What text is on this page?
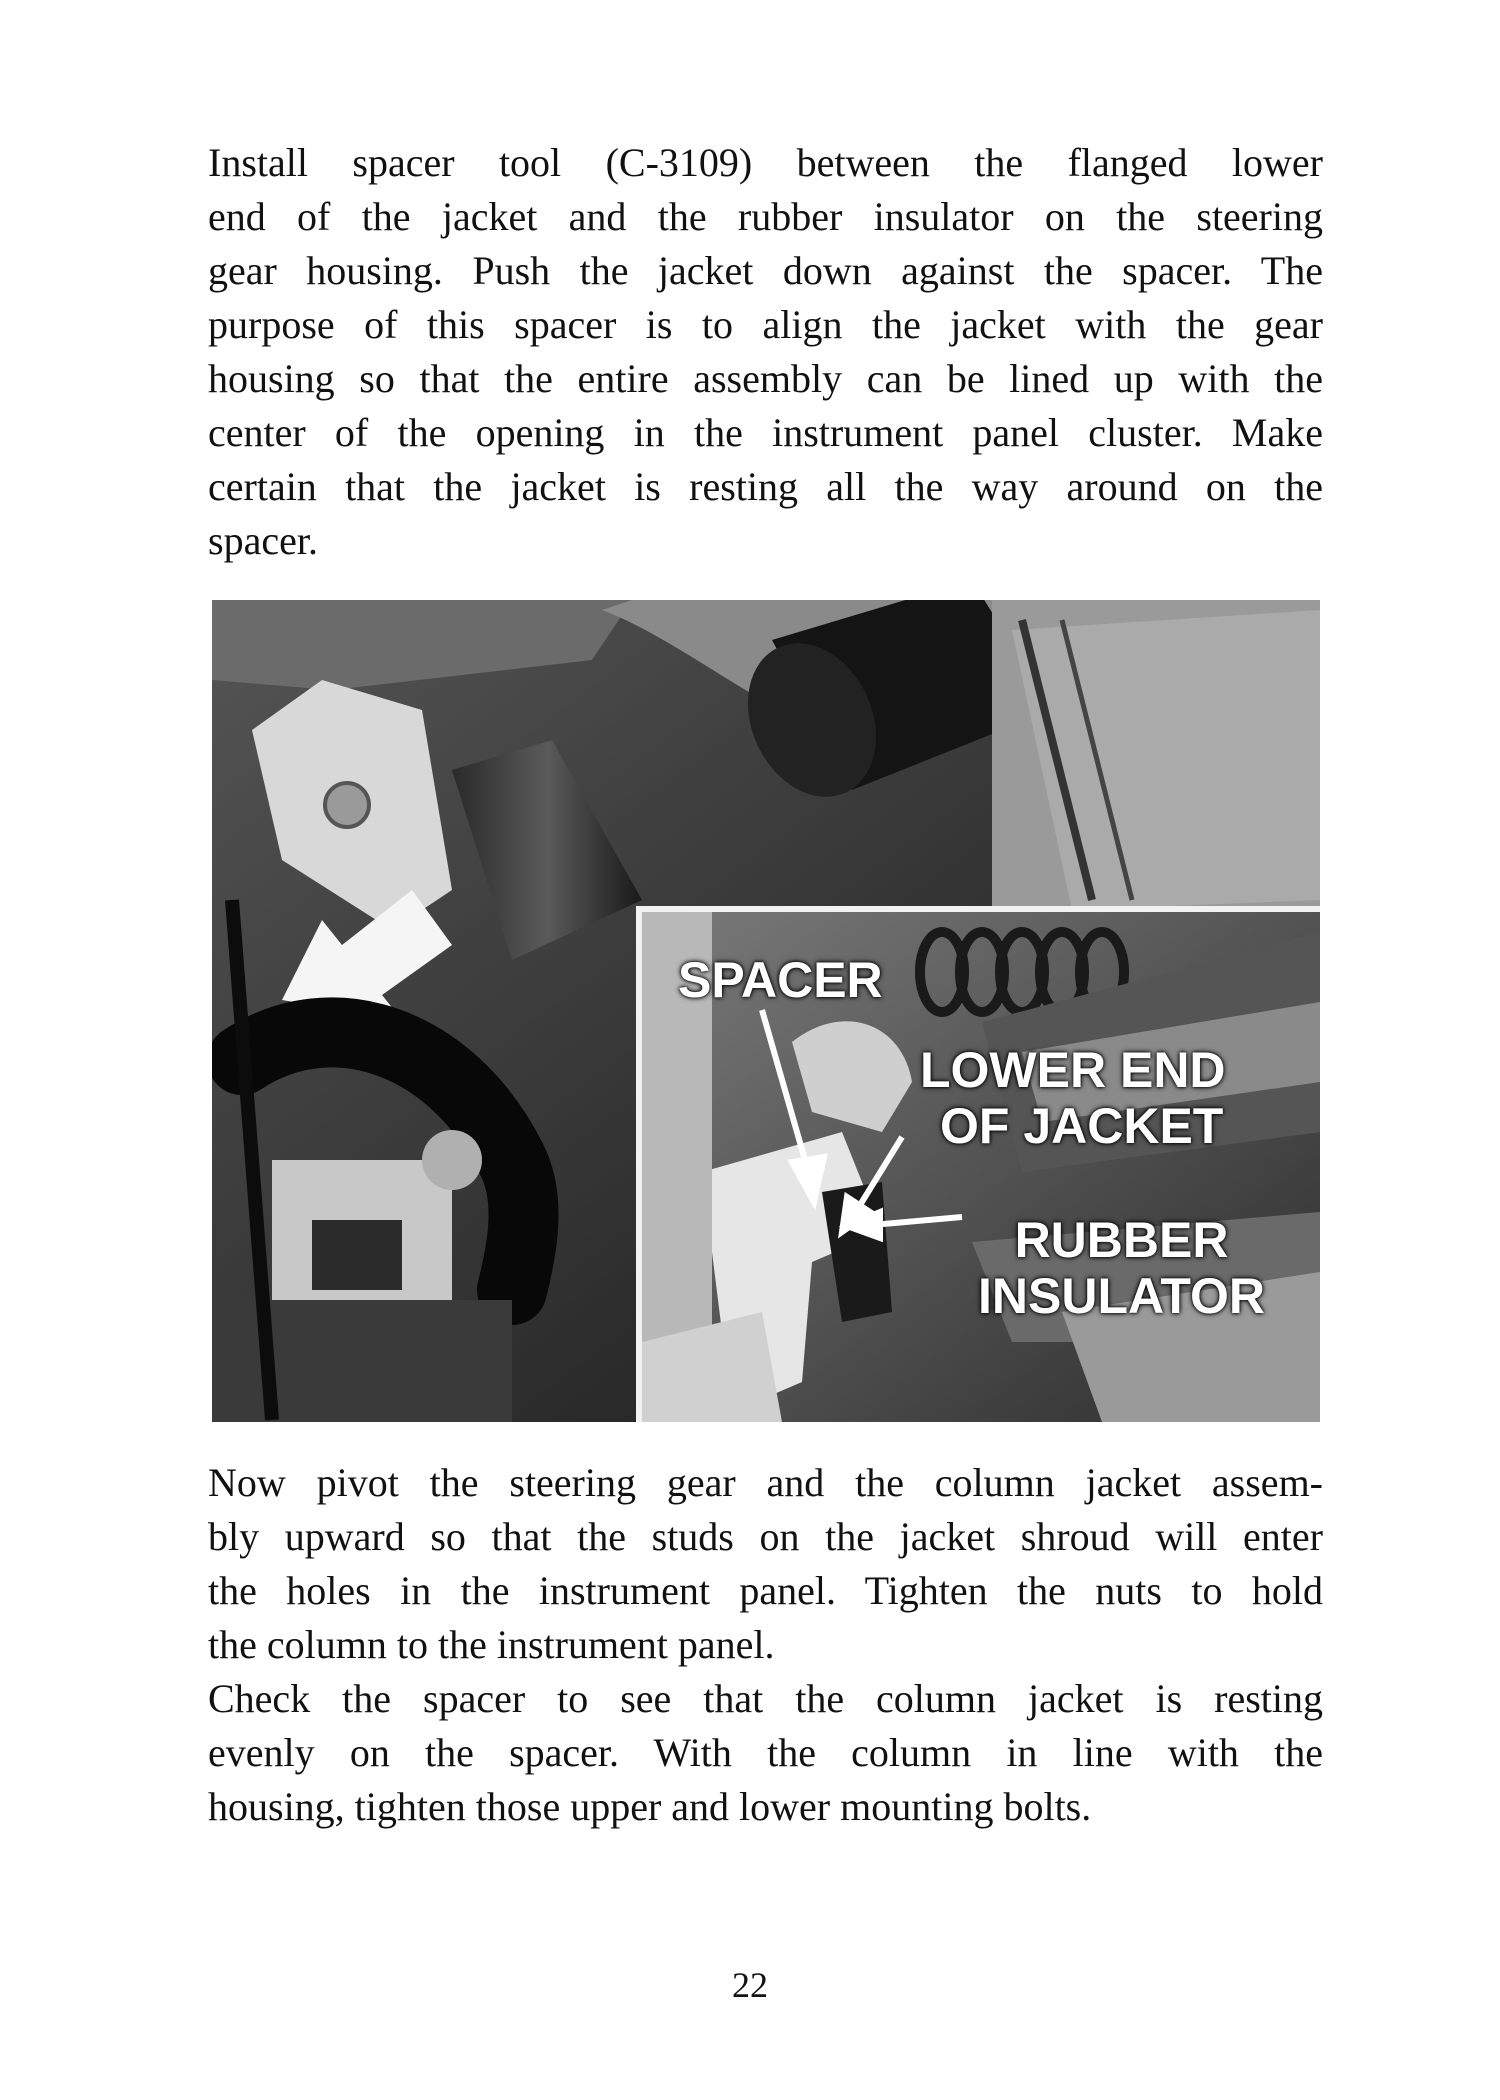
Install spacer tool (C-3109) between the flanged lower
end of the jacket and the rubber insulator on the steering
gear housing. Push the jacket down against the spacer. The
purpose of this spacer is to align the jacket with the gear
housing so that the entire assembly can be lined up with the
center of the opening in the instrument panel cluster. Make
certain that the jacket is resting all the way around on the
spacer.

SPACER
LOWER END
OF JACKET
RUBBER
INSULATOR

Now pivot the steering gear and the column jacket assem-
bly upward so that the studs on the jacket shroud will enter
the holes in the instrument panel. Tighten the nuts to hold
the column to the instrument panel.

Check the spacer to see that the column jacket is resting
evenly on the spacer. With the column in line with the
housing, tighten those upper and lower mounting bolts.

22
